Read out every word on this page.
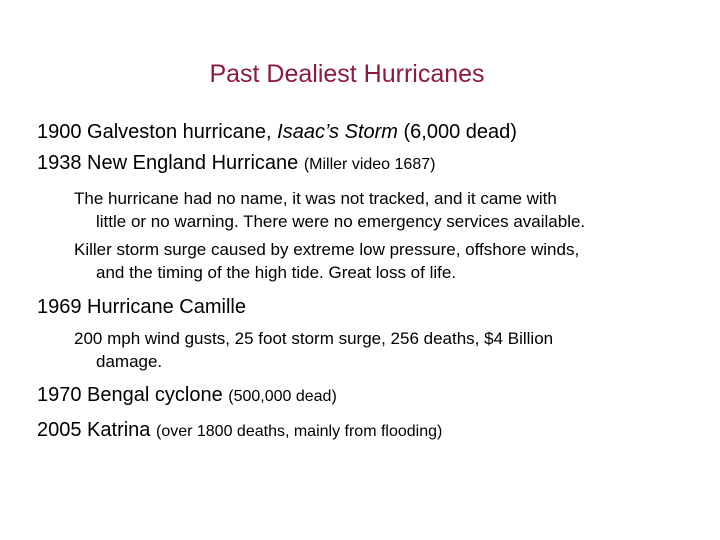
Past Dealiest Hurricanes
1900 Galveston hurricane, Isaac’s Storm (6,000 dead)
1938 New England Hurricane (Miller video 1687)
The hurricane had no name, it was not tracked, and it came with
little or no warning. There were no emergency services available.
Killer storm surge caused by extreme low pressure, offshore winds,
and the timing of the high tide. Great loss of life.
1969 Hurricane Camille
200 mph wind gusts, 25 foot storm surge, 256 deaths, $4 Billion
damage.
1970 Bengal cyclone (500,000 dead)
2005 Katrina (over 1800 deaths, mainly from flooding)
